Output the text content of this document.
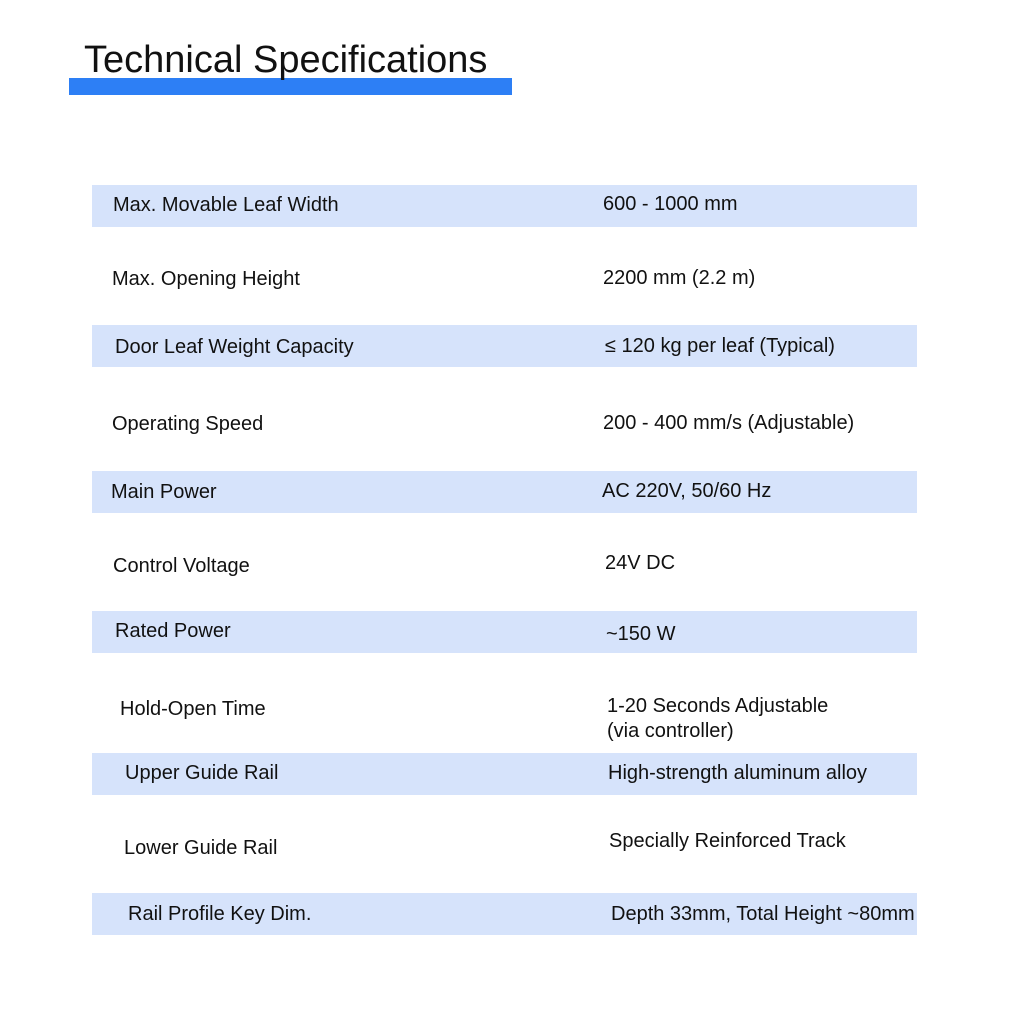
Technical Specifications
Max. Movable Leaf Width	600 - 1000 mm
Max. Opening Height	2200 mm (2.2 m)
Door Leaf Weight Capacity	≤ 120 kg per leaf (Typical)
Operating Speed	200 - 400 mm/s (Adjustable)
Main Power	AC 220V, 50/60 Hz
Control Voltage	24V DC
Rated Power	~150 W
Hold-Open Time	1-20 Seconds Adjustable
(via controller)
Upper Guide Rail	High-strength aluminum alloy
Lower Guide Rail	Specially Reinforced Track
Rail Profile Key Dim.	Depth 33mm, Total Height ~80mm
